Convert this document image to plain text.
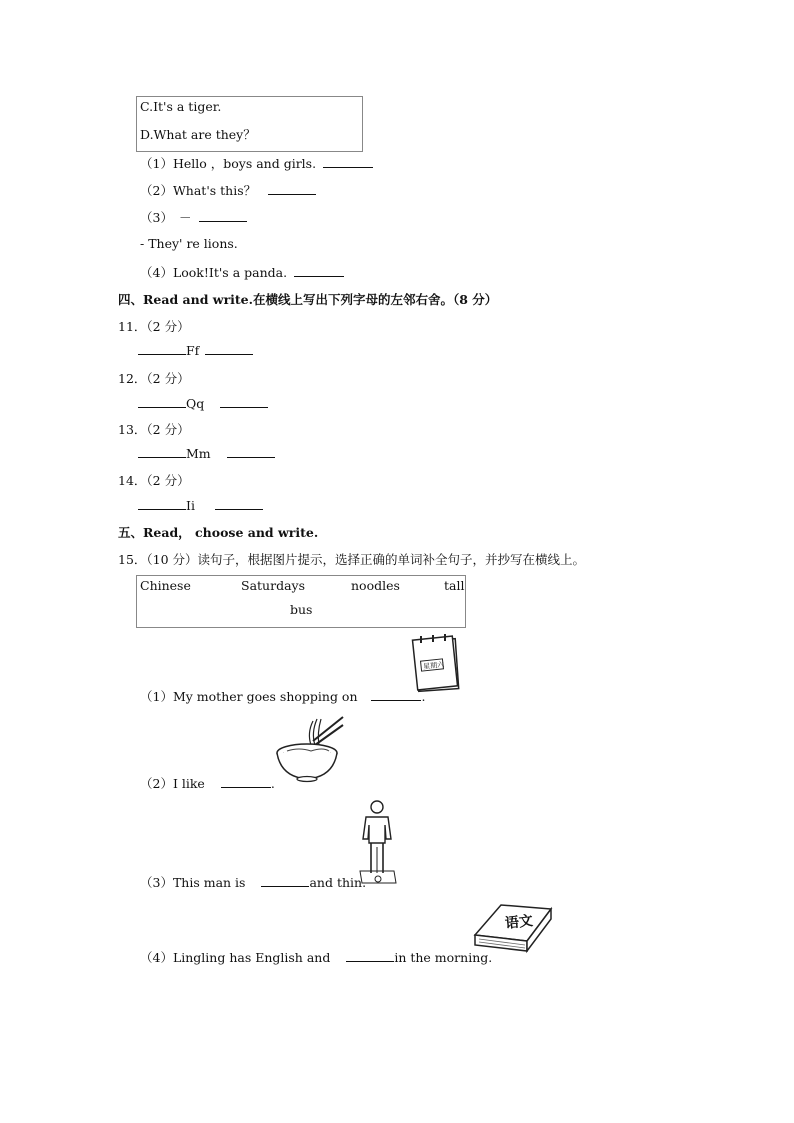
C.It's a tiger.
D.What are they？
（1）Hello ，boys and girls.
（2）What's this？
（3） －
- They' re lions.
（4）Look!It's a panda.
四、Read and write.在横线上写出下列字母的左邻右舍。（8 分）
11．（2 分）
Ff
12．（2 分）
Qq
13．（2 分）
Mm
14．（2 分）
Ii
五、Read， choose and write.
15．（10 分）读句子，根据图片提示，选择正确的单词补全句子，并抄写在横线上。
Chinese	Saturdays	noodles	tall
bus
星期六
（1）My mother goes shopping on	.
（2）I like	.
（3）This man is	and thin.
语文
（4）Lingling has English and	in the morning.
